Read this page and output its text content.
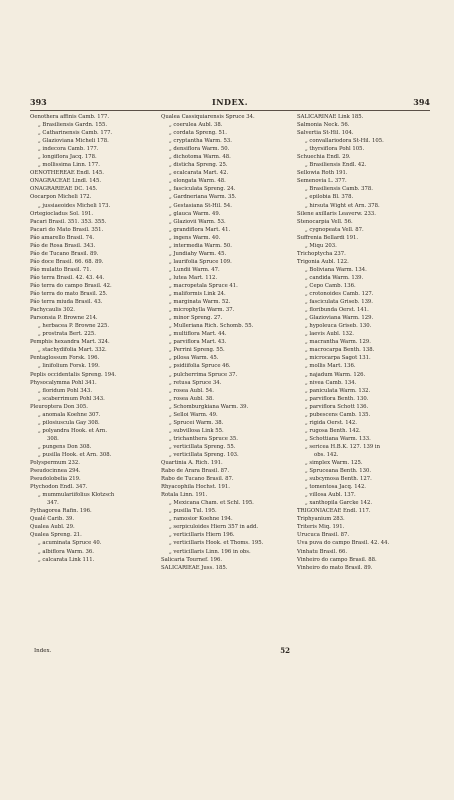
393	INDEX.	394
Oenothera affinis Camb. 177.
„ Brasiliensis Gardn. 155.
„ Catharinensis Camb. 177.
„ Glazioviana Micheli 178.
„ indecora Camb. 177.
„ longiflora Jacq. 178.
„ mollissima Linn. 177.
OENOTHEREAE Endl. 145.
ONAGRACEAE Lindl. 145.
ONAGRARIEAE DC. 145.
Oocarpon Micheli 172.
„ jussiaeoides Micheli 173.
Ortegiocladus Sol. 191.
Pacari Brasil. 351. 353. 355.
Pacari do Mato Brasil. 351.
Páo amarello Brasil. 74.
Páo de Rosa Brasil. 343.
Páo de Tucano Brasil. 89.
Páo doce Brasil. 66. 68. 89.
Páo mulatto Brasil. 71.
Páo terra Brasil. 42. 43. 44.
Páo terra do campo Brasil. 42.
Páo terra do mato Brasil. 25.
Páo terra miuda Brasil. 43.
Pachycaulis 302.
Parsonsia P. Browne 214.
„ herbacea P. Browne 225.
„ prostrata Bert. 225.
Pemphis hexandra Mart. 324.
„ stachydifolia Mart. 332.
Pentaglossum Forsk. 196.
„ linifolium Forsk. 199.
Peplis occidentalis Spreng. 194.
Physocalymma Pohl 341.
„ floridum Pohl 343.
„ scaberrimum Pohl 343.
Pleuroptera Don 305.
„ anomala Koehne 307.
„ pilosiuscula Gay 308.
„ polyandra Hook. et Arn.
308.
„ pungens Don 308.
„ pusilla Hook. et Arn. 308.
Polyspermum 232.
Pseudocinnea 294.
Pseudolobelia 219.
Ptychodon Endl. 347.
„ mummulariifolius Klotzsch
347.
Pythagorea Rafin. 196.
Qualé Carib. 39.
Qualea Aubl. 29.
Qualea Spreng. 21.
„ acuminata Spruce 40.
„ albiflora Warm. 36.
„ calcarata Link 111.
Qualea Cassiquiarensis Spruce 34.
„ coerulea Aubl. 38.
„ cordata Spreng. 51.
„ cryptantha Warm. 53.
„ densiflora Warm. 50.
„ dichotoma Warm. 48.
„ disticha Spreng. 25.
„ ecalcarata Mart. 42.
„ elongata Warm. 48.
„ fasciculata Spreng. 24.
„ Gardneriana Warm. 35.
„ Gestasiana St-Hil. 54.
„ glauca Warm. 49.
„ Glaziovii Warm. 53.
„ grandiflora Mart. 41.
„ ingens Warm. 40.
„ intermedia Warm. 50.
„ Jundiahy Warm. 45.
„ laurifolia Spruce 109.
„ Lundii Warm. 47.
„ lutea Mart. 112.
„ macropetala Spruce 41.
„ maliformis Link 24.
„ marginata Warm. 52.
„ microphylla Warm. 37.
„ minor Spreng. 27.
„ Mulleriana Rich. Schomb. 55.
„ multiflora Mart. 44.
„ parviflora Mart. 43.
„ Perrini Spreng. 55.
„ pilosa Warm. 45.
„ psidiifolia Spruce 46.
„ pulcherrima Spruce 37.
„ retusa Spruce 34.
„ rosea Aubl. 54.
„ rosea Aubl. 38.
„ Schomburgkiana Warm. 39.
„ Selloi Warm. 49.
„ Sprucei Warm. 38.
„ subvillosa Link 55.
„ trichanthera Spruce 35.
„ verticillata Spreng. 55.
„ verticillata Spreng. 103.
Quartinia A. Rich. 191.
Rabo de Arara Brasil. 87.
Rabo de Tucano Brasil. 87.
Rhyacophila Hochst. 191.
Rotala Linn. 191.
„ Mexicana Cham. et Schl. 195.
„ pusilla Tul. 195.
„ ramosior Koehne 194.
„ serpiculoides Hiern 357 in add.
„ verticillaris Hiern 196.
„ verticillaris Hook. et Thoms. 195.
„ verticillaris Linn. 196 in obs.
Salicaria Tournef. 196.
SALICARIEAE Juss. 185.
SALICARINAE Link 185.
Salmonia Neck. 56.
Salvertia St-Hil. 104.
„ convallariodora St-Hil. 105.
„ thyrsiflora Pohl 105.
Schuechia Endl. 29.
„ Brasiliensis Endl. 42.
Sellowia Roth 191.
Semenovia L. 377.
„ Brasiliensis Camb. 378.
„ epilobia Bl. 378.
„ hirsuta Wight et Arn. 378.
Silene axillaris Leaverw. 233.
Stenocarpia Vell. 56.
„ cygnopeata Vell. 87.
Suffrenia Bellardi 191.
„ Miqu 203.
Trichoptycha 237.
Trigonia Aubl. 122.
„ Boliviana Warm. 134.
„ candida Warm. 139.
„ Cepo Camb. 136.
„ crotonoides Camb. 127.
„ fasciculata Griseb. 139.
„ floribunda Oerst. 141.
„ Glazioviana Warm. 129.
„ hypoleuca Griseb. 130.
„ laevis Aubl. 132.
„ macrantha Warm. 129.
„ macrocarpa Benth. 138.
„ microcarpa Sagot 131.
„ mollis Mart. 136.
„ najadum Warm. 126.
„ nivea Camb. 134.
„ paniculata Warm. 132.
„ parviflora Benth. 130.
„ parviflora Schott 136.
„ pubescens Camb. 135.
„ rigida Oerst. 142.
„ rugosa Benth. 142.
„ Schottiana Warm. 133.
„ sericea H.B.K. 127. 139 in
obs. 142.
„ simplex Warm. 125.
„ Spruceana Benth. 130.
„ subcymosa Benth. 127.
„ tomentosa Jacq. 142.
„ villosa Aubl. 137.
„ xanthopila Garcke 142.
TRIGONIACEAE Endl. 117.
Triphyanium 283.
Triteris Miq. 191.
Urucuca Brasil. 87.
Uva puva do campo Brasil. 42. 44.
Vinhatu Brasil. 66.
Vinheiro do campo Brasil. 88.
Vinheiro do mato Brasil. 89.
Index.	52
